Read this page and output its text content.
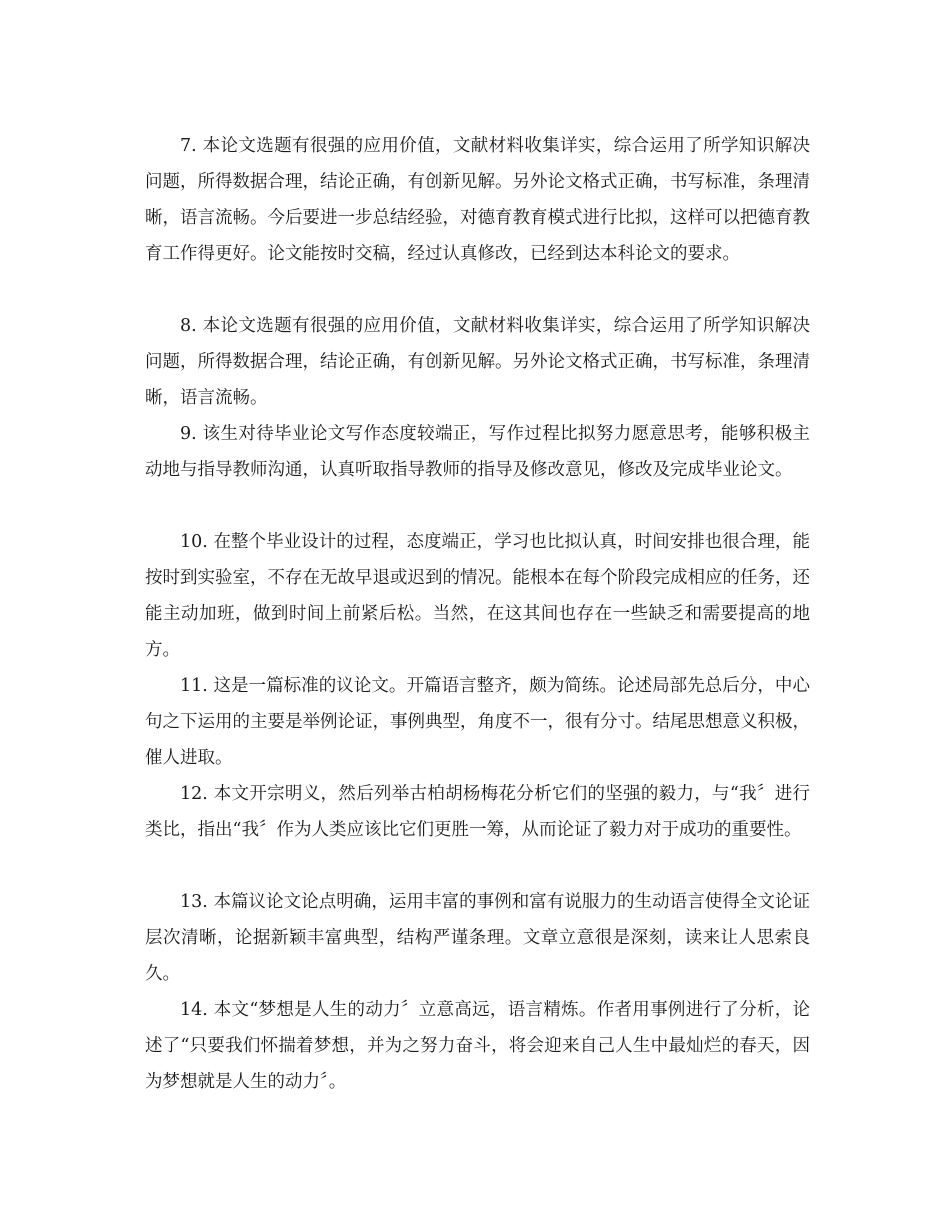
7. 本论文选题有很强的应用价值，文献材料收集详实，综合运用了所学知识解决问题，所得数据合理，结论正确，有创新见解。另外论文格式正确，书写标准，条理清晰，语言流畅。今后要进一步总结经验，对德育教育模式进行比拟，这样可以把德育教育工作得更好。论文能按时交稿，经过认真修改，已经到达本科论文的要求。

8. 本论文选题有很强的应用价值，文献材料收集详实，综合运用了所学知识解决问题，所得数据合理，结论正确，有创新见解。另外论文格式正确，书写标准，条理清晰，语言流畅。

9. 该生对待毕业论文写作态度较端正，写作过程比拟努力愿意思考，能够积极主动地与指导教师沟通，认真听取指导教师的指导及修改意见，修改及完成毕业论文。

10. 在整个毕业设计的过程，态度端正，学习也比拟认真，时间安排也很合理，能按时到实验室，不存在无故早退或迟到的情况。能根本在每个阶段完成相应的任务，还能主动加班，做到时间上前紧后松。当然，在这其间也存在一些缺乏和需要提高的地方。

11. 这是一篇标准的议论文。开篇语言整齐，颇为简练。论述局部先总后分，中心句之下运用的主要是举例论证，事例典型，角度不一，很有分寸。结尾思想意义积极，催人进取。

12. 本文开宗明义，然后列举古柏胡杨梅花分析它们的坚强的毅力，与“我〞进行类比，指出“我〞作为人类应该比它们更胜一筹，从而论证了毅力对于成功的重要性。

13. 本篇议论文论点明确，运用丰富的事例和富有说服力的生动语言使得全文论证层次清晰，论据新颖丰富典型，结构严谨条理。文章立意很是深刻，读来让人思索良久。

14. 本文“梦想是人生的动力〞立意高远，语言精炼。作者用事例进行了分析，论述了“只要我们怀揣着梦想，并为之努力奋斗，将会迎来自己人生中最灿烂的春天，因为梦想就是人生的动力〞。
